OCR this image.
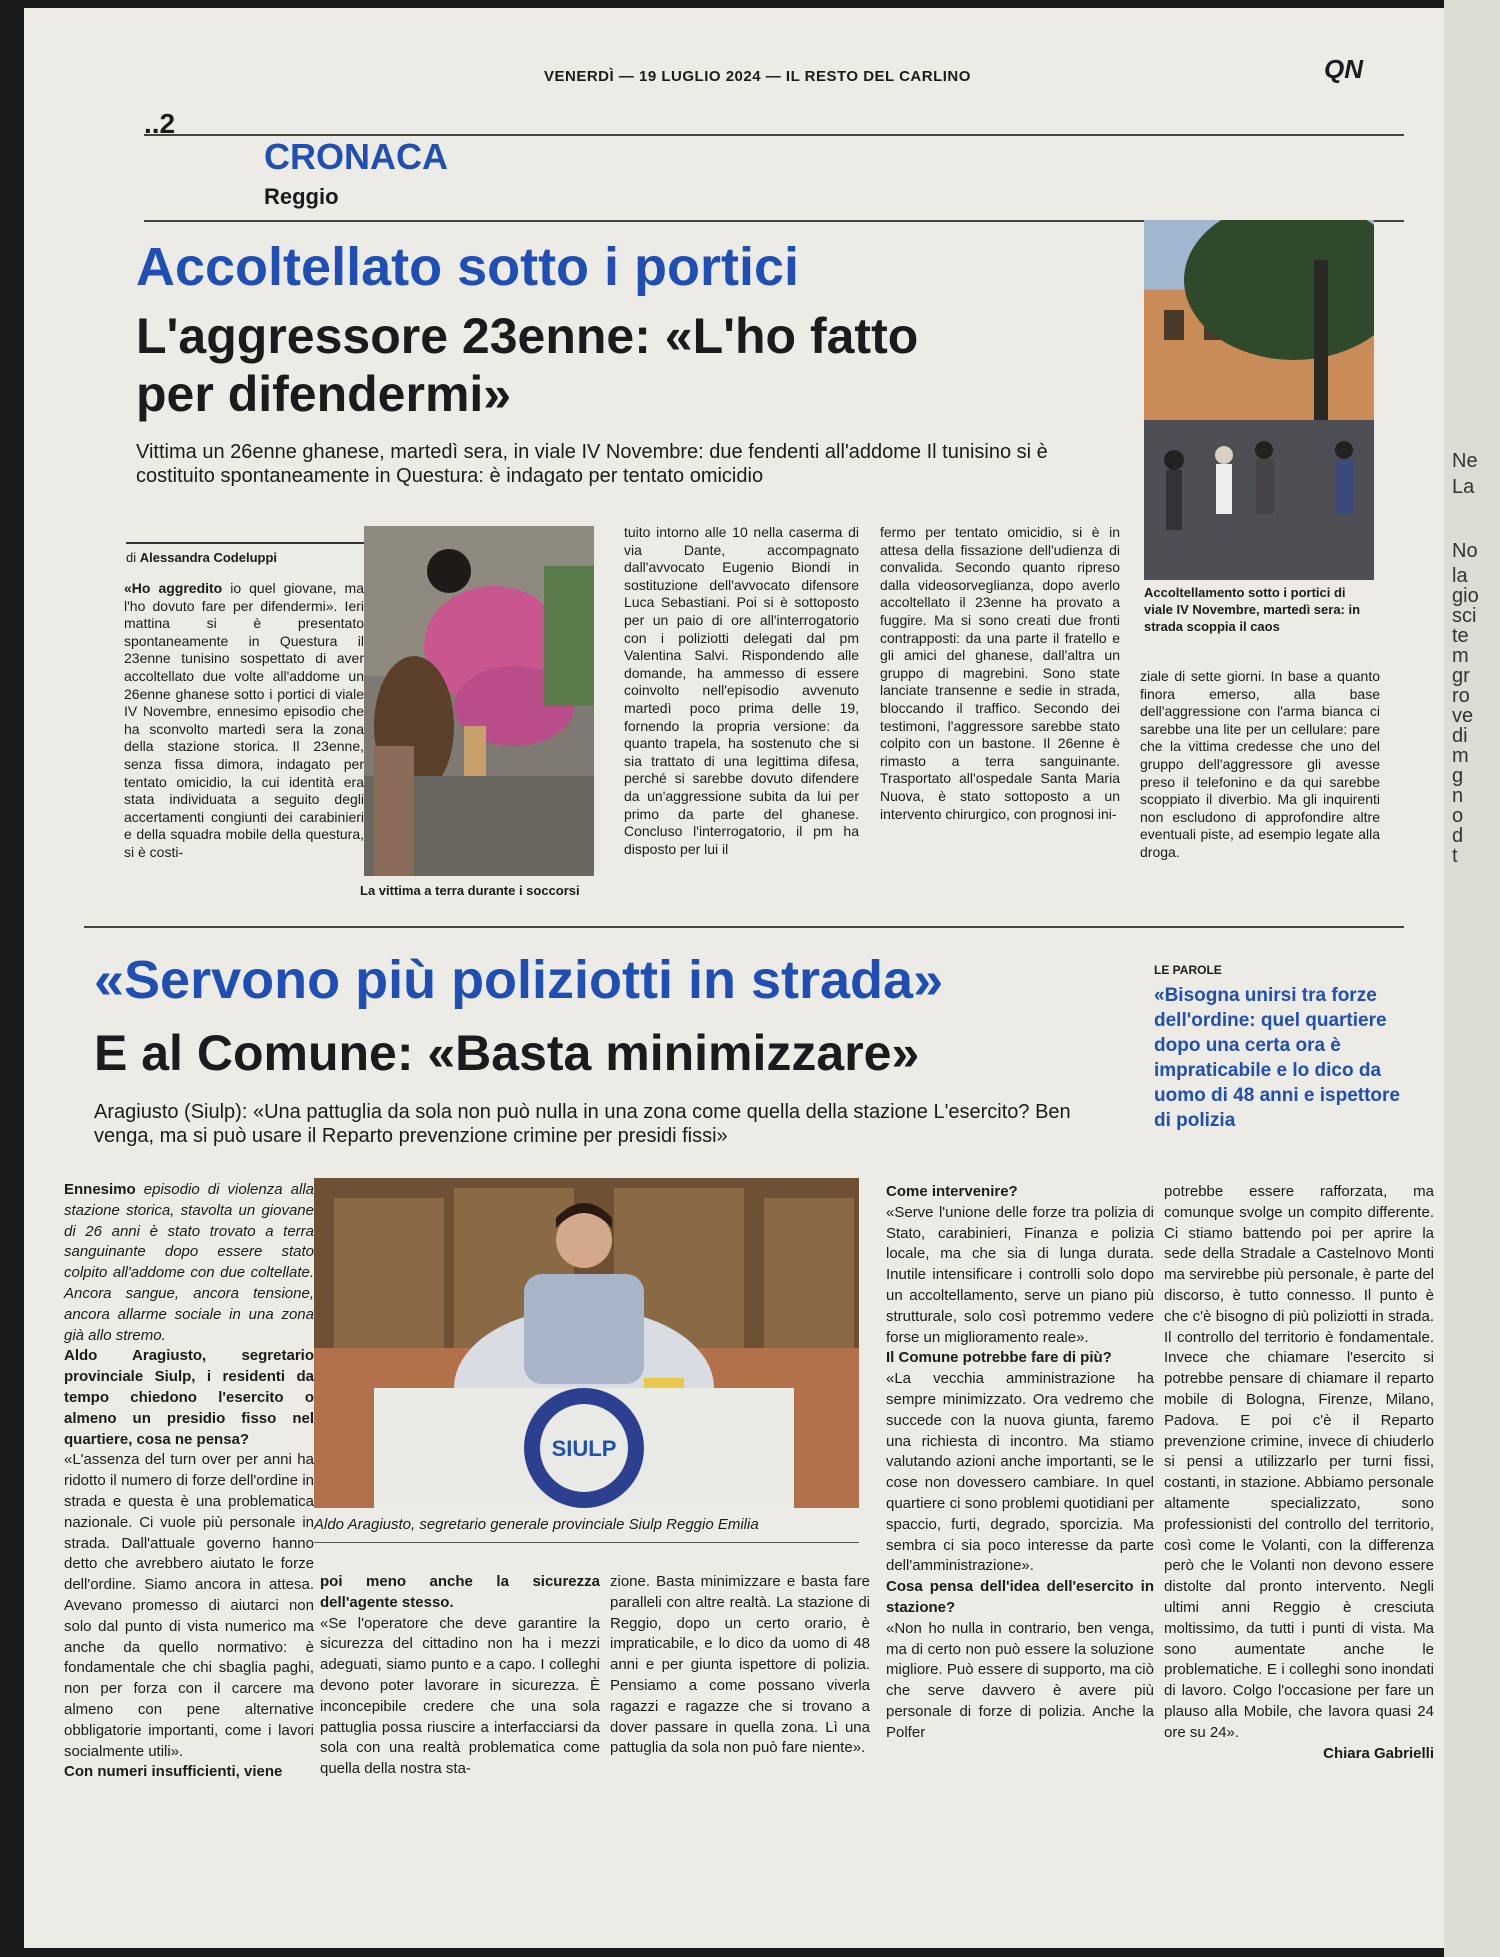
VENERDÌ — 19 LUGLIO 2024 — IL RESTO DEL CARLINO	QN
..2
CRONACA
Reggio
Accoltellato sotto i portici
L'aggressore 23enne: «L'ho fatto per difendermi»
Vittima un 26enne ghanese, martedì sera, in viale IV Novembre: due fendenti all'addome Il tunisino si è costituito spontaneamente in Questura: è indagato per tentato omicidio
Accoltellamento sotto i portici di viale IV Novembre, martedì sera: in strada scoppia il caos
di Alessandra Codeluppi
«Ho aggredito io quel giovane, ma l'ho dovuto fare per difendermi». Ieri mattina si è presentato spontaneamente in Questura il 23enne tunisino sospettato di aver accoltellato due volte all'addome un 26enne ghanese sotto i portici di viale IV Novembre, ennesimo episodio che ha sconvolto martedì sera la zona della stazione storica. Il 23enne, senza fissa dimora, indagato per tentato omicidio, la cui identità era stata individuata a seguito degli accertamenti congiunti dei carabinieri e della squadra mobile della questura, si è costi-
La vittima a terra durante i soccorsi
tuito intorno alle 10 nella caserma di via Dante, accompagnato dall'avvocato Eugenio Biondi in sostituzione dell'avvocato difensore Luca Sebastiani. Poi si è sottoposto per un paio di ore all'interrogatorio con i poliziotti delegati dal pm Valentina Salvi. Rispondendo alle domande, ha ammesso di essere coinvolto nell'episodio avvenuto martedì poco prima delle 19, fornendo la propria versione: da quanto trapela, ha sostenuto che si sia trattato di una legittima difesa, perché si sarebbe dovuto difendere da un'aggressione subita da lui per primo da parte del ghanese. Concluso l'interrogatorio, il pm ha disposto per lui il
fermo per tentato omicidio, si è in attesa della fissazione dell'udienza di convalida. Secondo quanto ripreso dalla videosorveglianza, dopo averlo accoltellato il 23enne ha provato a fuggire. Ma si sono creati due fronti contrapposti: da una parte il fratello e gli amici del ghanese, dall'altra un gruppo di magrebini. Sono state lanciate transenne e sedie in strada, bloccando il traffico. Secondo dei testimoni, l'aggressore sarebbe stato colpito con un bastone. Il 26enne è rimasto a terra sanguinante. Trasportato all'ospedale Santa Maria Nuova, è stato sottoposto a un intervento chirurgico, con prognosi ini-
ziale di sette giorni. In base a quanto finora emerso, alla base dell'aggressione con l'arma bianca ci sarebbe una lite per un cellulare: pare che la vittima credesse che uno del gruppo dell'aggressore gli avesse preso il telefonino e da qui sarebbe scoppiato il diverbio. Ma gli inquirenti non escludono di approfondire altre eventuali piste, ad esempio legate alla droga.
«Servono più poliziotti in strada»
E al Comune: «Basta minimizzare»
Aragiusto (Siulp): «Una pattuglia da sola non può nulla in una zona come quella della stazione L'esercito? Ben venga, ma si può usare il Reparto prevenzione crimine per presidi fissi»
LE PAROLE
«Bisogna unirsi tra forze dell'ordine: quel quartiere dopo una certa ora è impraticabile e lo dico da uomo di 48 anni e ispettore di polizia
Ennesimo episodio di violenza alla stazione storica, stavolta un giovane di 26 anni è stato trovato a terra sanguinante dopo essere stato colpito all'addome con due coltellate. Ancora sangue, ancora tensione, ancora allarme sociale in una zona già allo stremo.
Aldo Aragiusto, segretario provinciale Siulp, i residenti da tempo chiedono l'esercito o almeno un presidio fisso nel quartiere, cosa ne pensa?
«L'assenza del turn over per anni ha ridotto il numero di forze dell'ordine in strada e questa è una problematica nazionale. Ci vuole più personale in strada. Dall'attuale governo hanno detto che avrebbero aiutato le forze dell'ordine. Siamo ancora in attesa. Avevano promesso di aiutarci non solo dal punto di vista numerico ma anche da quello normativo: è fondamentale che chi sbaglia paghi, non per forza con il carcere ma almeno con pene alternative obbligatorie importanti, come i lavori socialmente utili».
Con numeri insufficienti, viene
SIULP
Aldo Aragiusto, segretario generale provinciale Siulp Reggio Emilia
poi meno anche la sicurezza dell'agente stesso.
«Se l'operatore che deve garantire la sicurezza del cittadino non ha i mezzi adeguati, siamo punto e a capo. I colleghi devono poter lavorare in sicurezza. È inconcepibile credere che una sola pattuglia possa riuscire a interfacciarsi da sola con una realtà problematica come quella della nostra sta-
zione. Basta minimizzare e basta fare paralleli con altre realtà. La stazione di Reggio, dopo un certo orario, è impraticabile, e lo dico da uomo di 48 anni e per giunta ispettore di polizia. Pensiamo a come possano viverla ragazzi e ragazze che si trovano a dover passare in quella zona. Lì una pattuglia da sola non può fare niente».
Come intervenire?
«Serve l'unione delle forze tra polizia di Stato, carabinieri, Finanza e polizia locale, ma che sia di lunga durata. Inutile intensificare i controlli solo dopo un accoltellamento, serve un piano più strutturale, solo così potremmo vedere forse un miglioramento reale».
Il Comune potrebbe fare di più?
«La vecchia amministrazione ha sempre minimizzato. Ora vedremo che succede con la nuova giunta, faremo una richiesta di incontro. Ma stiamo valutando azioni anche importanti, se le cose non dovessero cambiare. In quel quartiere ci sono problemi quotidiani per spaccio, furti, degrado, sporcizia. Ma sembra ci sia poco interesse da parte dell'amministrazione».
Cosa pensa dell'idea dell'esercito in stazione?
«Non ho nulla in contrario, ben venga, ma di certo non può essere la soluzione migliore. Può essere di supporto, ma ciò che serve davvero è avere più personale di forze di polizia. Anche la Polfer
potrebbe essere rafforzata, ma comunque svolge un compito differente. Ci stiamo battendo poi per aprire la sede della Stradale a Castelnovo Monti ma servirebbe più personale, è parte del discorso, è tutto connesso. Il punto è che c'è bisogno di più poliziotti in strada. Il controllo del territorio è fondamentale. Invece che chiamare l'esercito si potrebbe pensare di chiamare il reparto mobile di Bologna, Firenze, Milano, Padova. E poi c'è il Reparto prevenzione crimine, invece di chiuderlo si pensi a utilizzarlo per turni fissi, costanti, in stazione. Abbiamo personale altamente specializzato, sono professionisti del controllo del territorio, così come le Volanti, con la differenza però che le Volanti non devono essere distolte dal pronto intervento. Negli ultimi anni Reggio è cresciuta moltissimo, da tutti i punti di vista. Ma sono aumentate anche le problematiche. E i colleghi sono inondati di lavoro. Colgo l'occasione per fare un plauso alla Mobile, che lavora quasi 24 ore su 24».
Chiara Gabrielli
Ne
La
No
la
gio
sci
te
m
gr
ro
ve
di
m
g
n
o
d
t
